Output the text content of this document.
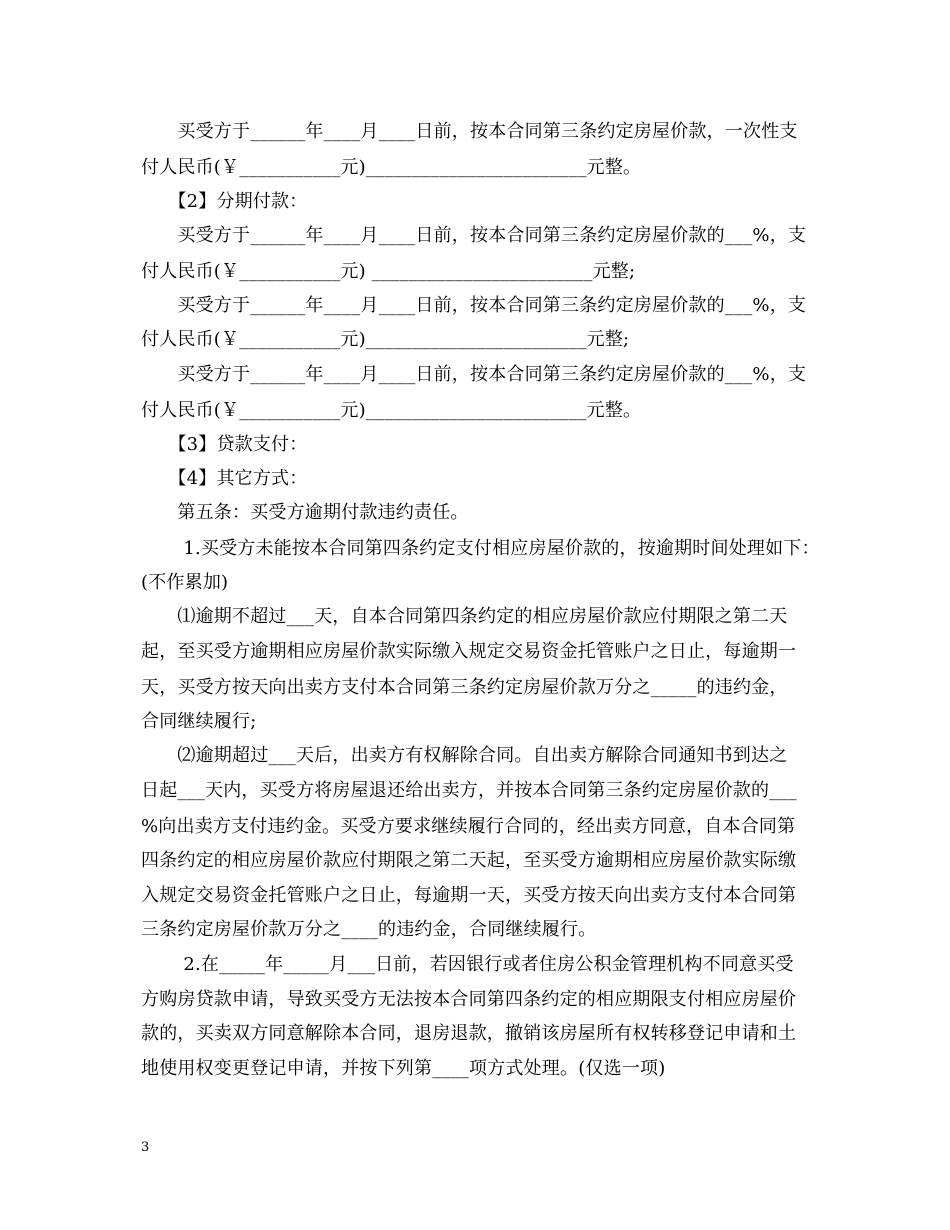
　　买受方于______年____月____日前，按本合同第三条约定房屋价款，一次性支
付人民币(￥___________元)________________________元整。
　　【2】分期付款：
　　买受方于______年____月____日前，按本合同第三条约定房屋价款的___%，支
付人民币(￥___________元) ________________________元整;
　　买受方于______年____月____日前，按本合同第三条约定房屋价款的___%，支
付人民币(￥___________元)________________________元整;
　　买受方于______年____月____日前，按本合同第三条约定房屋价款的___%，支
付人民币(￥___________元)________________________元整。
　　【3】贷款支付：
　　【4】其它方式：
　　第五条：买受方逾期付款违约责任。
　　 1.买受方未能按本合同第四条约定支付相应房屋价款的，按逾期时间处理如下：
(不作累加)
　　⑴逾期不超过___天，自本合同第四条约定的相应房屋价款应付期限之第二天
起，至买受方逾期相应房屋价款实际缴入规定交易资金托管账户之日止，每逾期一
天，买受方按天向出卖方支付本合同第三条约定房屋价款万分之_____的违约金，
合同继续履行;
　　⑵逾期超过___天后，出卖方有权解除合同。自出卖方解除合同通知书到达之
日起___天内，买受方将房屋退还给出卖方，并按本合同第三条约定房屋价款的___
%向出卖方支付违约金。买受方要求继续履行合同的，经出卖方同意，自本合同第
四条约定的相应房屋价款应付期限之第二天起，至买受方逾期相应房屋价款实际缴
入规定交易资金托管账户之日止，每逾期一天，买受方按天向出卖方支付本合同第
三条约定房屋价款万分之____的违约金，合同继续履行。
　　 2.在_____年_____月___日前，若因银行或者住房公积金管理机构不同意买受
方购房贷款申请，导致买受方无法按本合同第四条约定的相应期限支付相应房屋价
款的，买卖双方同意解除本合同，退房退款，撤销该房屋所有权转移登记申请和土
地使用权变更登记申请，并按下列第____项方式处理。(仅选一项)
3
